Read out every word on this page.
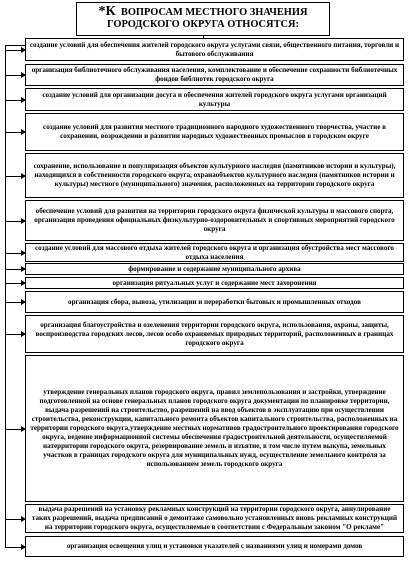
*К ВОПРОСАМ МЕСТНОГО ЗНАЧЕНИЯ
ГОРОДСКОГО ОКРУГА ОТНОСЯТСЯ:
создание условий для обеспечения жителей городского округа услугами связи, общественного питания, торговли и бытового обслуживания
организация библиотечного обслуживания населения, комплектование и обеспечение сохранности библиотечных фондов библиотек городского округа
создание условий для организации досуга и обеспечения жителей городского округа услугами организаций культуры
создание условий для развития местного традиционного народного художественного творчества, участие в сохранении, возрождении и развитии народных художественных промыслов в городском округе
сохранение, использование и популяризация объектов культурного наследия (памятников истории и культуры), находящихся в собственности городского округа, охранаобъектов культурного наследия (памятников истории и культуры) местного (муниципального) значения, расположенных на территории городского округа
обеспечение условий для развития на территории городского округа физической культуры и массового спорта, организация проведения официальных физкультурно-оздоровительных и спортивных мероприятий городского округа
создание условий для массового отдыха жителей городского округа и организация обустройства мест массового отдыха населения
формирование и содержание муниципального архива
организация ритуальных услуг и содержание мест захоронения
организация сбора, вывоза, утилизации и переработки бытовых и промышленных отходов
организация благоустройства и озеленения территории городского округа, использования, охраны, защиты, воспроизводства городских лесов, лесов особо охраняемых природных территорий, расположенных в границах городского округа
утверждение генеральных планов городского округа, правил землепользования и застройки, утверждение подготовленной на основе генеральных планов городского округа документации по планировке территории, выдача разрешений на строительство, разрешений на ввод объектов в эксплуатацию при осуществлении строительства, реконструкции, капитального ремонта объектов капитального строительства, расположенных на территории городского округа,утверждение местных нормативов градостроительного проектирования городского округа, ведение информационной системы обеспечения градостроительной деятельности, осуществляемой натерритории городского округа, резервирование земель и изъятие, в том числе путем выкупа, земельных участков в границах городского округа для муниципальных нужд, осуществление земельного контроля за использованием земель городского округа
выдача разрешений на установку рекламных конструкций на территории городского округа, аннулирование таких разрешений, выдача предписаний о демонтаже самовольно установленных вновь рекламных конструкций на территории городского округа, осуществляемые в соответствии с Федеральным законом "О рекламе"
организация освещения улиц и установки указателей с названиями улиц и номерами домов
